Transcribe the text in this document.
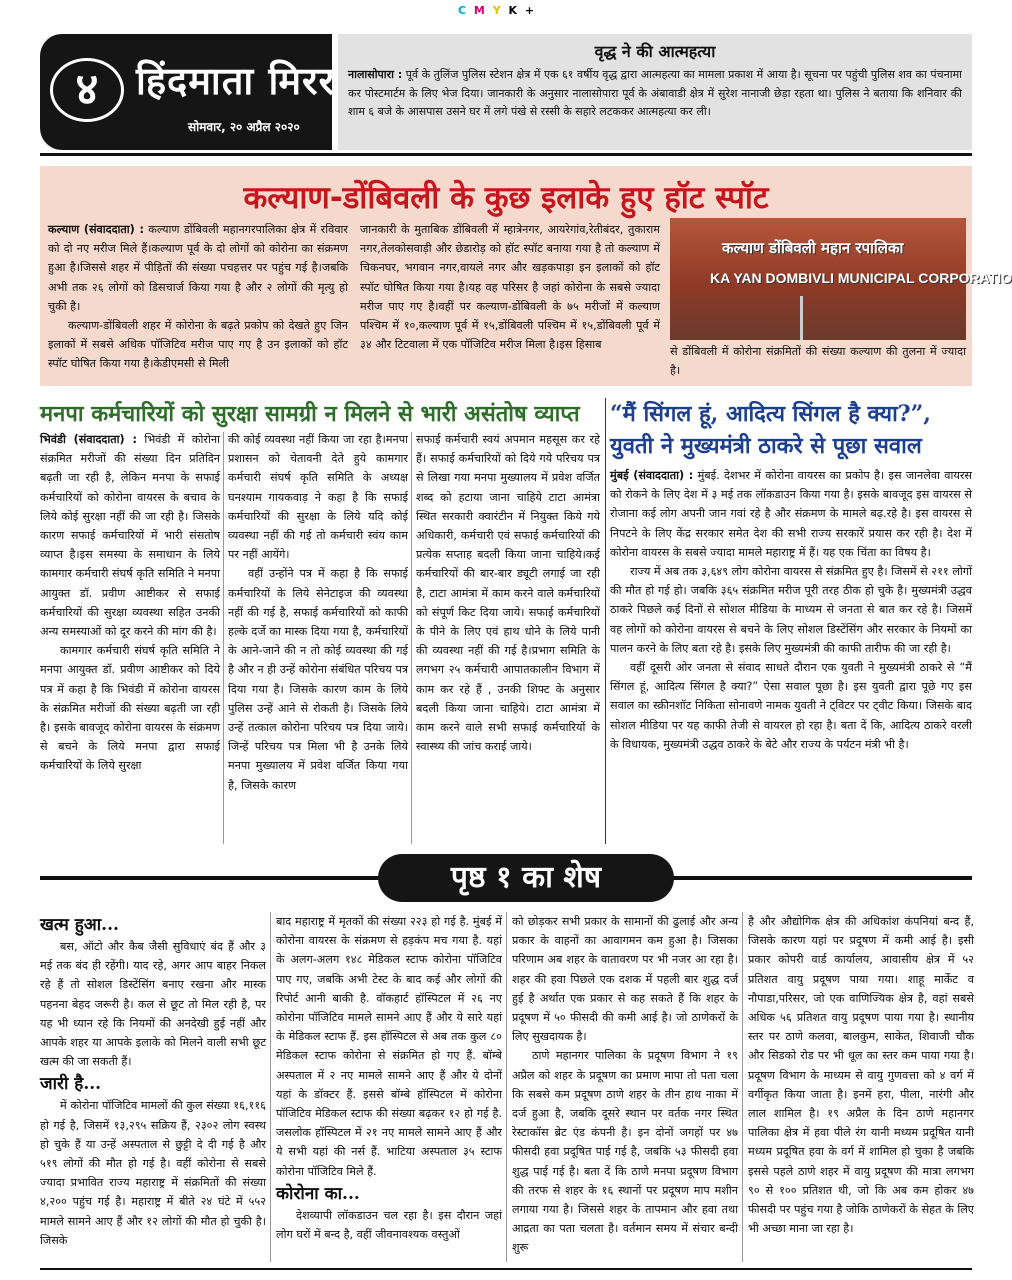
C M Y K +
४ हिंदमाता मिरर
सोमवार, २० अप्रैल २०२०
वृद्ध ने की आत्महत्या

नालासोपारा : पूर्व के तुलिंज पुलिस स्टेशन क्षेत्र में एक ६१ वर्षीय वृद्ध द्वारा आत्महत्या का मामला प्रकाश में आया है। सूचना पर पहुंची पुलिस शव का पंचनामा कर पोस्टमार्टम के लिए भेज दिया। जानकारी के अनुसार नालासोपारा पूर्व के अंबावाडी क्षेत्र में सुरेश नानाजी छेड़ा रहता था। पुलिस ने बताया कि शनिवार की शाम ६ बजे के आसपास उसने घर में लगे पंखे से रस्सी के सहारे लटककर आत्महत्या कर ली।

कल्याण-डोंबिवली के कुछ इलाके हुए हॉट स्पॉट

कल्याण (संवाददाता) : कल्याण डोंबिवली महानगरपालिका क्षेत्र में रविवार को दो नए मरीज मिले हैं।कल्याण पूर्व के दो लोगों को कोरोना का संक्रमण हुआ है।जिससे शहर में पीड़ितों की संख्या पचहत्तर पर पहुंच गई है।जबकि अभी तक २६ लोगों को डिसचार्ज किया गया है और २ लोगों की मृत्यु हो चुकी है।

कल्याण-डोंबिवली शहर में कोरोना के बढ़ते प्रकोप को देखते हुए जिन इलाकों में सबसे अधिक पॉजिटिव मरीज पाए गए है उन इलाकों को हॉट स्पॉट घोषित किया गया है।केडीएमसी से मिली

जानकारी के मुताबिक डोंबिवली में म्हात्रेनगर, आयरेगांव,रेतीबंदर, तुकाराम नगर,तेलकोसवाड़ी और छेडारोड़ को हॉट स्पॉट बनाया गया है तो कल्याण में चिकनघर, भगवान नगर,वायले नगर और खड़कपाड़ा इन इलाकों को हॉट स्पॉट घोषित किया गया है।यह वह परिसर है जहां कोरोना के सबसे ज्यादा मरीज पाए गए है।वहीं पर कल्याण-डोंबिवली के ७५ मरीजों में कल्याण पश्चिम में १०,कल्याण पूर्व में १५,डोंबिवली पश्चिम में १५,डोंबिवली पूर्व में ३४ और टिटवाला में एक पॉजिटिव मरीज मिला है।इस हिसाब

कल्याण डोंबिवली महान रपालिका
KA YAN DOMBIVLI MUNICIPAL CORPORATIO

से डोंबिवली में कोरोना संक्रमितों की संख्या कल्याण की तुलना में ज्यादा है।

मनपा कर्मचारियों को सुरक्षा सामग्री न मिलने से भारी असंतोष व्याप्त

भिवंडी (संवाददाता) : भिवंडी में कोरोना संक्रमित मरीजों की संख्या दिन प्रतिदिन बढ़ती जा रही है, लेकिन मनपा के सफाई कर्मचारियों को कोरोना वायरस के बचाव के लिये कोई सुरक्षा नहीं की जा रही है। जिसके कारण सफाई कर्मचारियों में भारी संसतोष व्याप्त है।इस समस्या के समाधान के लिये कामगार कर्मचारी संघर्ष कृति समिति ने मनपा आयुक्त डॉ. प्रवीण आष्टीकर से सफाई कर्मचारियों की सुरक्षा व्यवस्था सहित उनकी अन्य समस्याओं को दूर करने की मांग की है।

कामगार कर्मचारी संघर्ष कृति समिति ने मनपा आयुक्त डॉ. प्रवीण आष्टीकर को दिये पत्र में कहा है कि भिवंडी में कोरोना वायरस के संक्रमित मरीजों की संख्या बढ़ती जा रही है। इसके बावजूद कोरोना वायरस के संक्रमण से बचने के लिये मनपा द्वारा सफाई कर्मचारियों के लिये सुरक्षा

की कोई व्यवस्था नहीं किया जा रहा है।मनपा प्रशासन को चेतावनी देते हुये कामगार कर्मचारी संघर्ष कृति समिति के अध्यक्ष घनश्याम गायकवाड़ ने कहा है कि सफाई कर्मचारियों की सुरक्षा के लिये यदि कोई व्यवस्था नहीं की गई तो कर्मचारी स्वंय काम पर नहीं आयेंगे।

वहीं उन्होंने पत्र में कहा है कि सफाई कर्मचारियों के लिये सेनेटाइज की व्यवस्था नहीं की गई है, सफाई कर्मचारियों को काफी हल्के दर्जे का मास्क दिया गया है, कर्मचारियों के आने-जाने की न तो कोई व्यवस्था की गई है और न ही उन्हें कोरोना संबंधित परिचय पत्र दिया गया है। जिसके कारण काम के लिये पुलिस उन्हें आने से रोकती है। जिसके लिये उन्हें तत्काल कोरोना परिचय पत्र दिया जाये।जिन्हें परिचय पत्र मिला भी है उनके लिये मनपा मुख्यालय में प्रवेश वर्जित किया गया है, जिसके कारण

सफाई कर्मचारी स्वयं अपमान महसूस कर रहे हैं। सफाई कर्मचारियों को दिये गये परिचय पत्र से लिखा गया मनपा मुख्यालय में प्रवेश वर्जित शब्द को हटाया जाना चाहिये टाटा आमंत्रा स्थित सरकारी क्वारंटीन में नियुक्त किये गये अधिकारी, कर्मचारी एवं सफाई कर्मचारियों की प्रत्येक सप्ताह बदली किया जाना चाहिये।कई कर्मचारियों की बार-बार ड्यूटी लगाई जा रही है, टाटा आमंत्रा में काम करने वाले कर्मचारियों को संपूर्ण किट दिया जाये। सफाई कर्मचारियों के पीने के लिए एवं हाथ धोने के लिये पानी की व्यवस्था नहीं की गई है।प्रभाग समिति के लगभग २५ कर्मचारी आपातकालीन विभाग में काम कर रहे हैं , उनकी शिफ्ट के अनुसार बदली किया जाना चाहिये। टाटा आमंत्रा में काम करने वाले सभी सफाई कर्मचारियों के स्वास्थ्य की जांच कराई जाये।

“मैं सिंगल हूं, आदित्य सिंगल है क्या?”, युवती ने मुख्यमंत्री ठाकरे से पूछा सवाल

मुंबई (संवाददाता) : मुंबई. देशभर में कोरोना वायरस का प्रकोप है। इस जानलेवा वायरस को रोकने के लिए देश में ३ मई तक लॉकडाउन किया गया है। इसके बावजूद इस वायरस से रोजाना कई लोग अपनी जान गवां रहे है और संक्रमण के मामले बढ़.रहे है। इस वायरस से निपटने के लिए केंद्र सरकार समेत देश की सभी राज्य सरकारें प्रयास कर रही है। देश में कोरोना वायरस के सबसे ज्यादा मामले महाराष्ट्र में हैं। यह एक चिंता का विषय है।

राज्य में अब तक ३,६४९ लोग कोरोना वायरस से संक्रमित हुए है। जिसमें से २११ लोगों की मौत हो गई हो। जबकि ३६५ संक्रमित मरीज पूरी तरह ठीक हो चुके है। मुख्यमंत्री उद्धव ठाकरे पिछले कई दिनों से सोशल मीडिया के माध्यम से जनता से बात कर रहे है। जिसमें वह लोगों को कोरोना वायरस से बचने के लिए सोशल डिस्टेंसिंग और सरकार के नियमों का पालन करने के लिए बता रहे है। इसके लिए मुख्यमंत्री की काफी तारीफ की जा रही है।

वहीं दूसरी ओर जनता से संवाद साधते दौरान एक युवती ने मुख्यमंत्री ठाकरे से “मैं सिंगल हूं, आदित्य सिंगल है क्या?” ऐसा सवाल पूछा है। इस युवती द्वारा पूछे गए इस सवाल का स्क्रीनशॉट निकिता सोनावणे नामक युवती ने ट्विटर पर ट्वीट किया। जिसके बाद सोशल मीडिया पर यह काफी तेजी से वायरल हो रहा है। बता दें कि, आदित्य ठाकरे वरली के विधायक, मुख्यमंत्री उद्धव ठाकरे के बेटे और राज्य के पर्यटन मंत्री भी है।

पृष्ठ १ का शेष
खत्म हुआ...

बस, ऑटो और कैब जैसी सुविधाएं बंद हैं और ३ मई तक बंद ही रहेंगी। याद रहे, अगर आप बाहर निकल रहे हैं तो सोशल डिस्टेंसिंग बनाए रखना और मास्क पहनना बेहद जरूरी है। कल से छूट तो मिल रही है, पर यह भी ध्यान रहे कि नियमों की अनदेखी हुई नहीं और आपके शहर या आपके इलाके को मिलने वाली सभी छूट खत्म की जा सकती हैं।

जारी है...

में कोरोना पॉजिटिव मामलों की कुल संख्या १६,११६ हो गई है, जिसमें १३,२९५ सक्रिय हैं, २३०२ लोग स्वस्थ हो चुके हैं या उन्हें अस्पताल से छुट्टी दे दी गई है और ५१९ लोगों की मौत हो गई है। वहीं कोरोना से सबसे ज्यादा प्रभावित राज्य महाराष्ट्र में संक्रमितों की संख्या ४,२०० पहुंच गई है। महाराष्ट्र में बीते २४ घंटे में ५५२ मामले सामने आए हैं और १२ लोगों की मौत हो चुकी है। जिसके

बाद महाराष्ट्र में मृतकों की संख्या २२३ हो गई है. मुंबई में कोरोना वायरस के संक्रमण से हड़कंप मच गया है. यहां के अलग-अलग १४८ मेडिकल स्टाफ कोरोना पॉजिटिव पाए गए, जबकि अभी टेस्ट के बाद कई और लोगों की रिपोर्ट आनी बाकी है. वॉकहार्ट हॉस्पिटल में २६ नए कोरोना पॉजिटिव मामले सामने आए हैं और ये सारे यहां के मेडिकल स्टाफ हैं. इस हॉस्पिटल से अब तक कुल ८० मेडिकल स्टाफ कोरोना से संक्रमित हो गए हैं. बॉम्बे अस्पताल में २ नए मामले सामने आए हैं और ये दोनों यहां के डॉक्टर हैं. इससे बॉम्बे हॉस्पिटल में कोरोना पॉजिटिव मेडिकल स्टाफ की संख्या बढ़कर १२ हो गई है. जसलोक हॉस्पिटल में २१ नए मामले सामने आए हैं और ये सभी यहां की नर्स हैं. भाटिया अस्पताल ३५ स्टाफ कोरोना पॉजिटिव मिले हैं.

कोरोना का...

देशव्यापी लॉकडाउन चल रहा है। इस दौरान जहां लोग घरों में बन्द है, वहीं जीवनावश्यक वस्तुओं

को छोड़कर सभी प्रकार के सामानों की ढुलाई और अन्य प्रकार के वाहनों का आवागमन कम हुआ है। जिसका परिणाम अब शहर के वातावरण पर भी नजर आ रहा है। शहर की हवा पिछले एक दशक में पहली बार शुद्ध दर्ज हुई है अर्थात एक प्रकार से कह सकते हैं कि शहर के प्रदूषण में ५० फीसदी की कमी आई है। जो ठाणेकरों के लिए सुखदायक है।

ठाणे महानगर पालिका के प्रदूषण विभाग ने १९ अप्रैल को शहर के प्रदूषण का प्रमाण मापा तो पता चला कि सबसे कम प्रदूषण ठाणे शहर के तीन हाथ नाका में दर्ज हुआ है, जबकि दूसरे स्थान पर वर्तक नगर स्थित रेस्टाकॉस ब्रेट एंड कंपनी है। इन दोनों जगहों पर ४७ फीसदी हवा प्रदूषित पाई गई है, जबकि ५३ फीसदी हवा शुद्ध पाई गई है। बता दें कि ठाणे मनपा प्रदूषण विभाग की तरफ से शहर के १६ स्थानों पर प्रदूषण माप मशीन लगाया गया है। जिससे शहर के तापमान और हवा तथा आद्रता का पता चलता है। वर्तमान समय में संचार बन्दी शुरू

है और औद्योगिक क्षेत्र की अधिकांश कंपनियां बन्द हैं, जिसके कारण यहां पर प्रदूषण में कमी आई है। इसी प्रकार कोपरी वार्ड कार्यालय, आवासीय क्षेत्र में ५२ प्रतिशत वायु प्रदूषण पाया गया। शाहू मार्केट व नौपाडा,परिसर, जो एक वाणिज्यिक क्षेत्र है, वहां सबसे अधिक ५६ प्रतिशत वायु प्रदूषण पाया गया है। स्थानीय स्तर पर ठाणे कलवा, बालकुम, साकेत, शिवाजी चौक और सिडको रोड पर भी धूल का स्तर कम पाया गया है। प्रदूषण विभाग के माध्यम से वायु गुणवत्ता को ४ वर्ग में वर्गीकृत किया जाता है। इनमें हरा, पीला, नारंगी और लाल शामिल है। १९ अप्रैल के दिन ठाणे महानगर पालिका क्षेत्र में हवा पीले रंग यानी मध्यम प्रदूषित यानी मध्यम प्रदूषित हवा के वर्ग में शामिल हो चुका है जबकि इससे पहले ठाणे शहर में वायु प्रदूषण की मात्रा लगभग ९० से १०० प्रतिशत थी, जो कि अब कम होकर ४७ फीसदी पर पहुंच गया है जोकि ठाणेकरों के सेहत के लिए भी अच्छा माना जा रहा है।
